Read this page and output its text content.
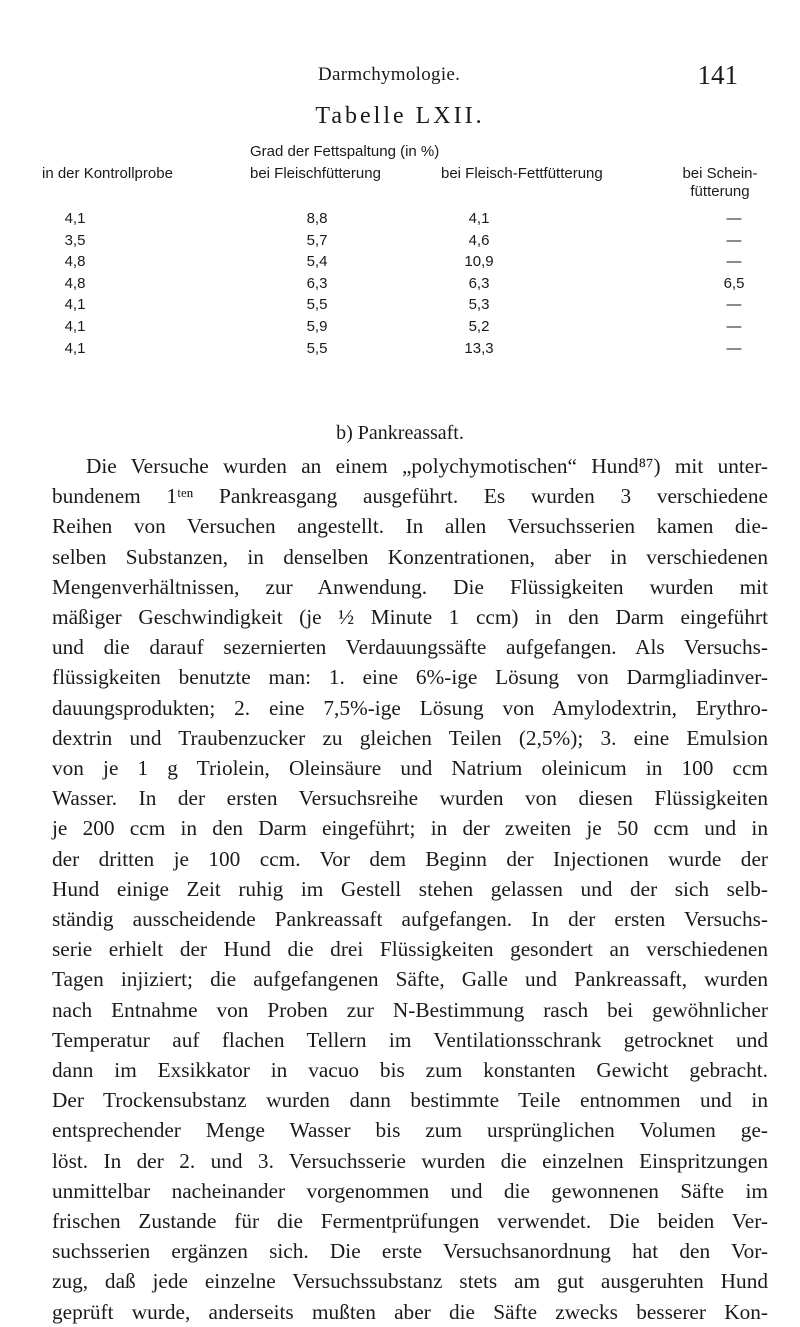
Darmchymologie.	141
Tabelle LXII.
Grad der Fettspaltung (in %)
in der Kontrollprobe	bei Fleischfütterung	bei Fleisch-Fettfütterung	bei Schein-
fütterung
4,1	8,8	4,1	—
3,5	5,7	4,6	—
4,8	5,4	10,9	—
4,8	6,3	6,3	6,5
4,1	5,5	5,3	—
4,1	5,9	5,2	—
4,1	5,5	13,3	—
b) Pankreassaft.
Die Versuche wurden an einem „polychymotischen“ Hund⁸⁷) mit unter-
bundenem 1ᵗᵉⁿ Pankreasgang ausgeführt. Es wurden 3 verschiedene
Reihen von Versuchen angestellt. In allen Versuchsserien kamen die-
selben Substanzen, in denselben Konzentrationen, aber in verschiedenen
Mengenverhältnissen, zur Anwendung. Die Flüssigkeiten wurden mit
mäßiger Geschwindigkeit (je ½ Minute 1 ccm) in den Darm eingeführt
und die darauf sezernierten Verdauungssäfte aufgefangen. Als Versuchs-
flüssigkeiten benutzte man: 1. eine 6%-ige Lösung von Darmgliadinver-
dauungsprodukten; 2. eine 7,5%-ige Lösung von Amylodextrin, Erythro-
dextrin und Traubenzucker zu gleichen Teilen (2,5%); 3. eine Emulsion
von je 1 g Triolein, Oleinsäure und Natrium oleinicum in 100 ccm
Wasser. In der ersten Versuchsreihe wurden von diesen Flüssigkeiten
je 200 ccm in den Darm eingeführt; in der zweiten je 50 ccm und in
der dritten je 100 ccm. Vor dem Beginn der Injectionen wurde der
Hund einige Zeit ruhig im Gestell stehen gelassen und der sich selb-
ständig ausscheidende Pankreassaft aufgefangen. In der ersten Versuchs-
serie erhielt der Hund die drei Flüssigkeiten gesondert an verschiedenen
Tagen injiziert; die aufgefangenen Säfte, Galle und Pankreassaft, wurden
nach Entnahme von Proben zur N-Bestimmung rasch bei gewöhnlicher
Temperatur auf flachen Tellern im Ventilationsschrank getrocknet und
dann im Exsikkator in vacuo bis zum konstanten Gewicht gebracht.
Der Trockensubstanz wurden dann bestimmte Teile entnommen und in
entsprechender Menge Wasser bis zum ursprünglichen Volumen ge-
löst. In der 2. und 3. Versuchsserie wurden die einzelnen Einspritzungen
unmittelbar nacheinander vorgenommen und die gewonnenen Säfte im
frischen Zustande für die Fermentprüfungen verwendet. Die beiden Ver-
suchsserien ergänzen sich. Die erste Versuchsanordnung hat den Vor-
zug, daß jede einzelne Versuchssubstanz stets am gut ausgeruhten Hund
geprüft wurde, anderseits mußten aber die Säfte zwecks besserer Kon-
